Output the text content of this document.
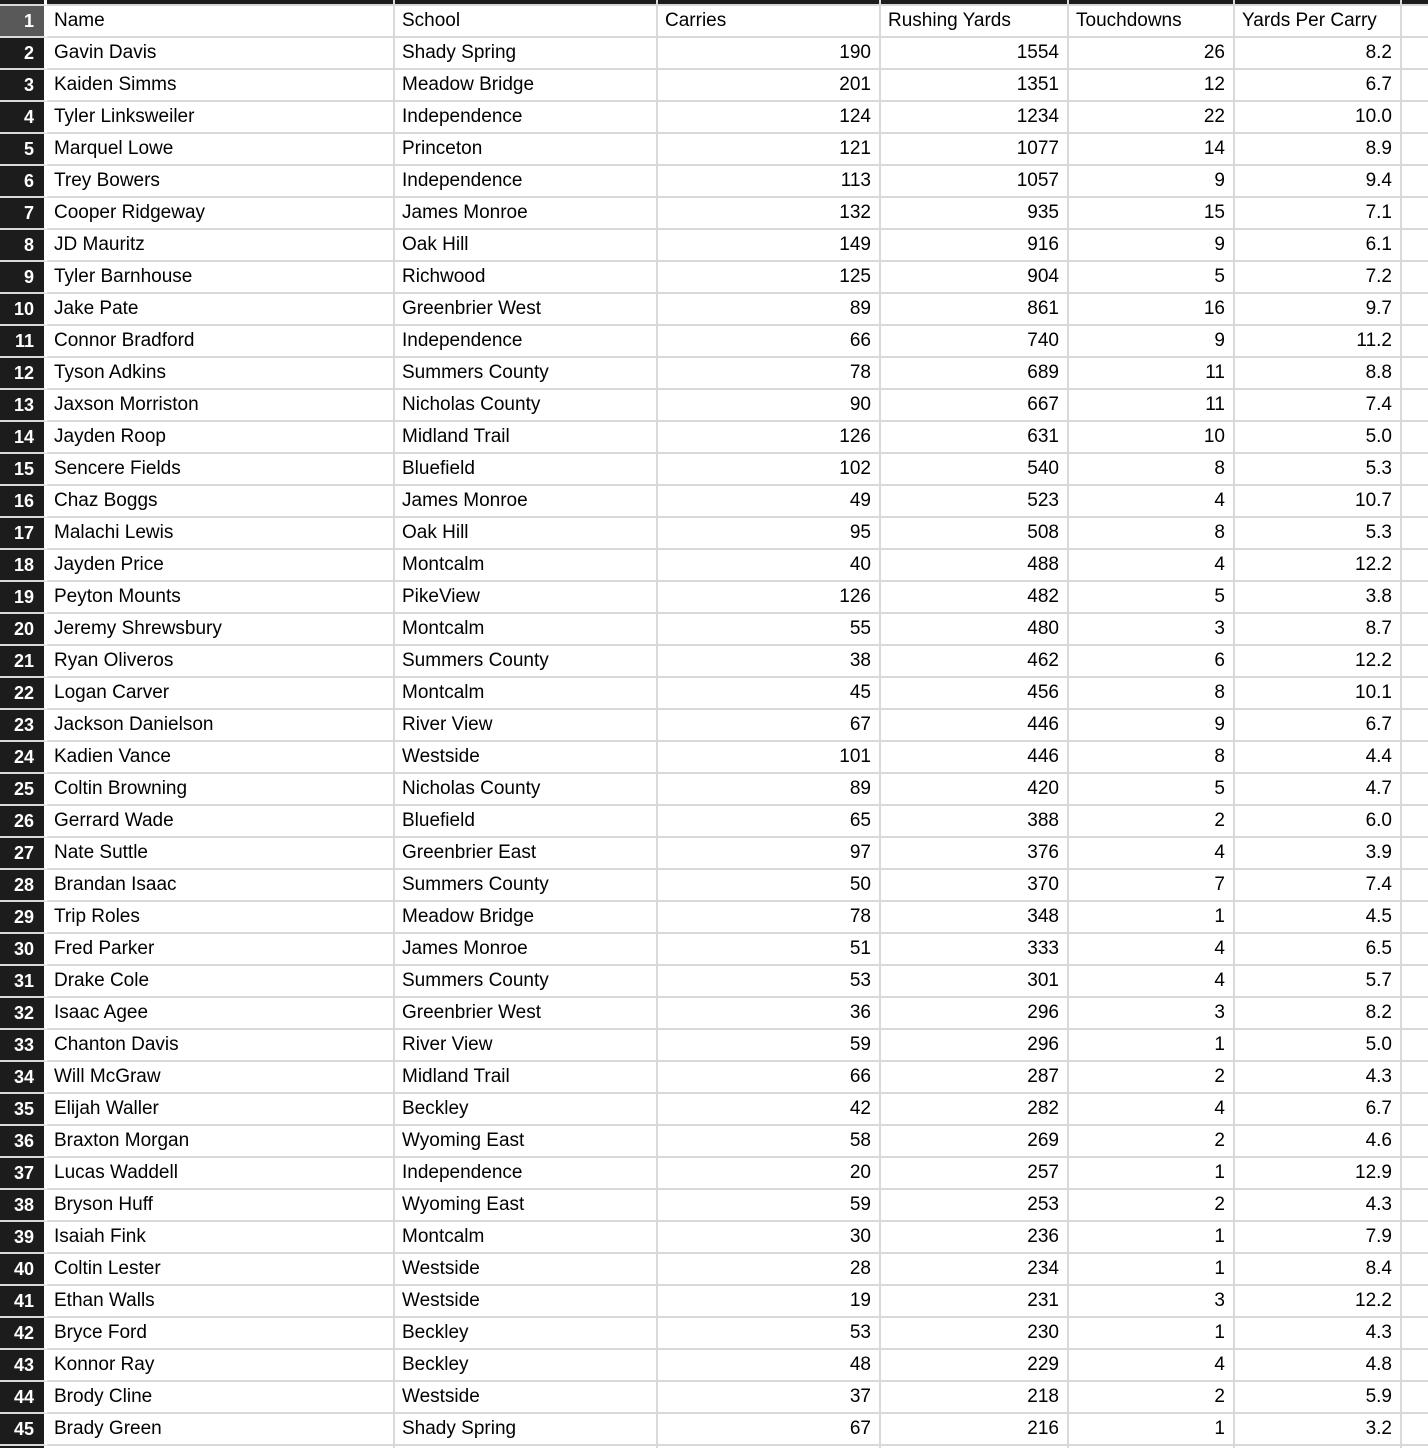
1	Name	School	Carries	Rushing Yards	Touchdowns	Yards Per Carry
2	Gavin Davis	Shady Spring	190	1554	26	8.2
3	Kaiden Simms	Meadow Bridge	201	1351	12	6.7
4	Tyler Linksweiler	Independence	124	1234	22	10.0
5	Marquel Lowe	Princeton	121	1077	14	8.9
6	Trey Bowers	Independence	113	1057	9	9.4
7	Cooper Ridgeway	James Monroe	132	935	15	7.1
8	JD Mauritz	Oak Hill	149	916	9	6.1
9	Tyler Barnhouse	Richwood	125	904	5	7.2
10	Jake Pate	Greenbrier West	89	861	16	9.7
11	Connor Bradford	Independence	66	740	9	11.2
12	Tyson Adkins	Summers County	78	689	11	8.8
13	Jaxson Morriston	Nicholas County	90	667	11	7.4
14	Jayden Roop	Midland Trail	126	631	10	5.0
15	Sencere Fields	Bluefield	102	540	8	5.3
16	Chaz Boggs	James Monroe	49	523	4	10.7
17	Malachi Lewis	Oak Hill	95	508	8	5.3
18	Jayden Price	Montcalm	40	488	4	12.2
19	Peyton Mounts	PikeView	126	482	5	3.8
20	Jeremy Shrewsbury	Montcalm	55	480	3	8.7
21	Ryan Oliveros	Summers County	38	462	6	12.2
22	Logan Carver	Montcalm	45	456	8	10.1
23	Jackson Danielson	River View	67	446	9	6.7
24	Kadien Vance	Westside	101	446	8	4.4
25	Coltin Browning	Nicholas County	89	420	5	4.7
26	Gerrard Wade	Bluefield	65	388	2	6.0
27	Nate Suttle	Greenbrier East	97	376	4	3.9
28	Brandan Isaac	Summers County	50	370	7	7.4
29	Trip Roles	Meadow Bridge	78	348	1	4.5
30	Fred Parker	James Monroe	51	333	4	6.5
31	Drake Cole	Summers County	53	301	4	5.7
32	Isaac Agee	Greenbrier West	36	296	3	8.2
33	Chanton Davis	River View	59	296	1	5.0
34	Will McGraw	Midland Trail	66	287	2	4.3
35	Elijah Waller	Beckley	42	282	4	6.7
36	Braxton Morgan	Wyoming East	58	269	2	4.6
37	Lucas Waddell	Independence	20	257	1	12.9
38	Bryson Huff	Wyoming East	59	253	2	4.3
39	Isaiah Fink	Montcalm	30	236	1	7.9
40	Coltin Lester	Westside	28	234	1	8.4
41	Ethan Walls	Westside	19	231	3	12.2
42	Bryce Ford	Beckley	53	230	1	4.3
43	Konnor Ray	Beckley	48	229	4	4.8
44	Brody Cline	Westside	37	218	2	5.9
45	Brady Green	Shady Spring	67	216	1	3.2
